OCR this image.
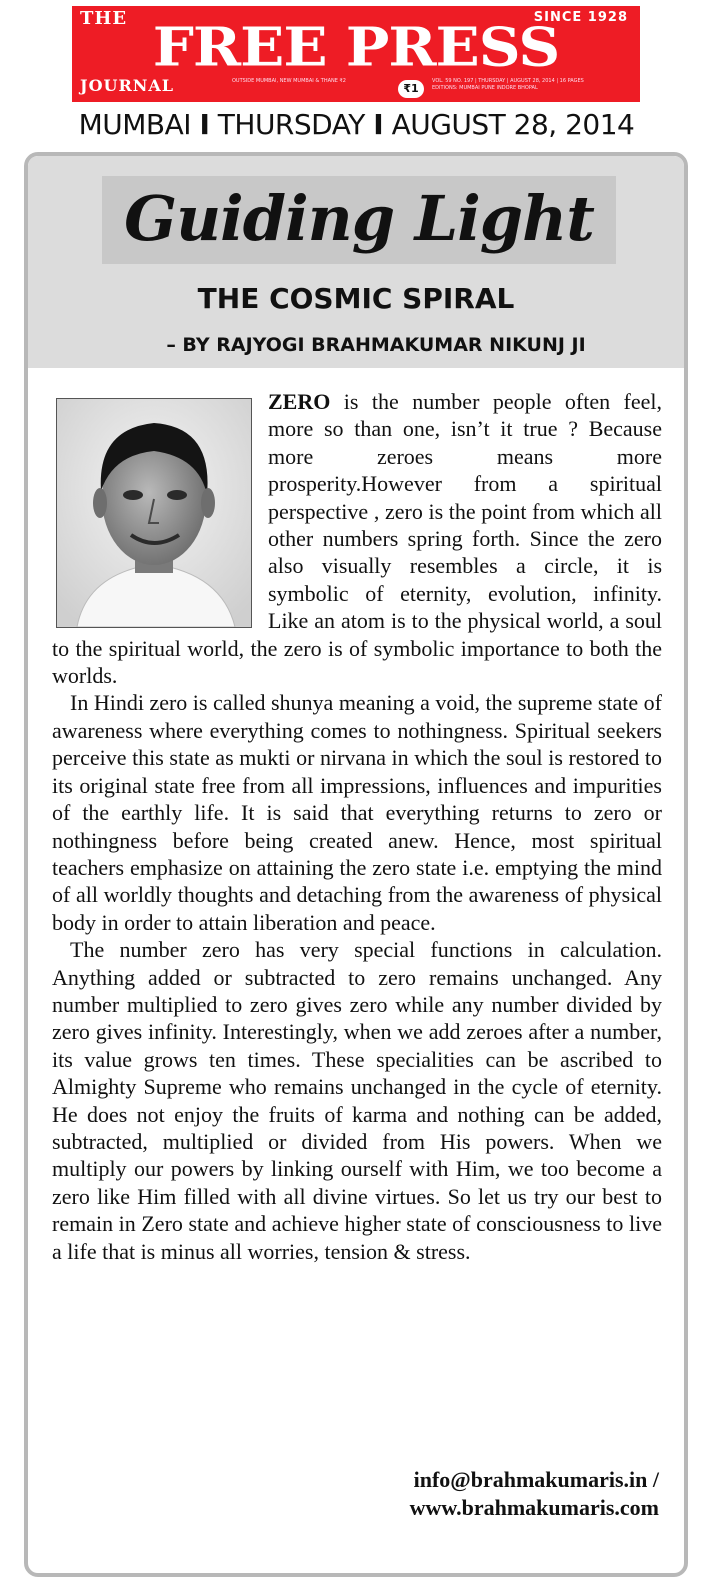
THE	SINCE 1928
FREE PRESS
JOURNAL	OUTSIDE MUMBAI, NEW MUMBAI & THANE ₹2
₹1
VOL. 59 NO. 197 | THURSDAY | AUGUST 28, 2014 | 16 PAGES
EDITIONS: MUMBAI PUNE INDORE BHOPAL
MUMBAI I THURSDAY I AUGUST 28, 2014
Guiding Light
THE COSMIC SPIRAL
– BY RAJYOGI BRAHMAKUMAR NIKUNJ JI

ZERO is the number people often feel, more so than one, isn’t it true ? Because more zeroes means more prosperity.However from a spiritual perspective , zero is the point from which all other numbers spring forth. Since the zero also visually resembles a circle, it is symbolic of eternity, evolution, infinity. Like an atom is to the physical world, a soul to the spiritual world, the zero is of symbolic importance to both the worlds.

In Hindi zero is called shunya meaning a void, the supreme state of awareness where everything comes to nothingness. Spiritual seekers perceive this state as mukti or nirvana in which the soul is restored to its original state free from all impressions, influences and impurities of the earthly life. It is said that everything returns to zero or nothingness before being created anew. Hence, most spiritual teachers emphasize on attaining the zero state i.e. emptying the mind of all worldly thoughts and detaching from the awareness of physical body in order to attain liberation and peace.

The number zero has very special functions in calculation. Anything added or subtracted to zero remains unchanged. Any number multiplied to zero gives zero while any number divided by zero gives infinity. Interestingly, when we add zeroes after a number, its value grows ten times. These specialities can be ascribed to Almighty Supreme who remains unchanged in the cycle of eternity. He does not enjoy the fruits of karma and nothing can be added, subtracted, multiplied or divided from His powers. When we multiply our powers by linking ourself with Him, we too become a zero like Him filled with all divine virtues. So let us try our best to remain in Zero state and achieve higher state of consciousness to live a life that is minus all worries, tension & stress.

info@brahmakumaris.in /
www.brahmakumaris.com
